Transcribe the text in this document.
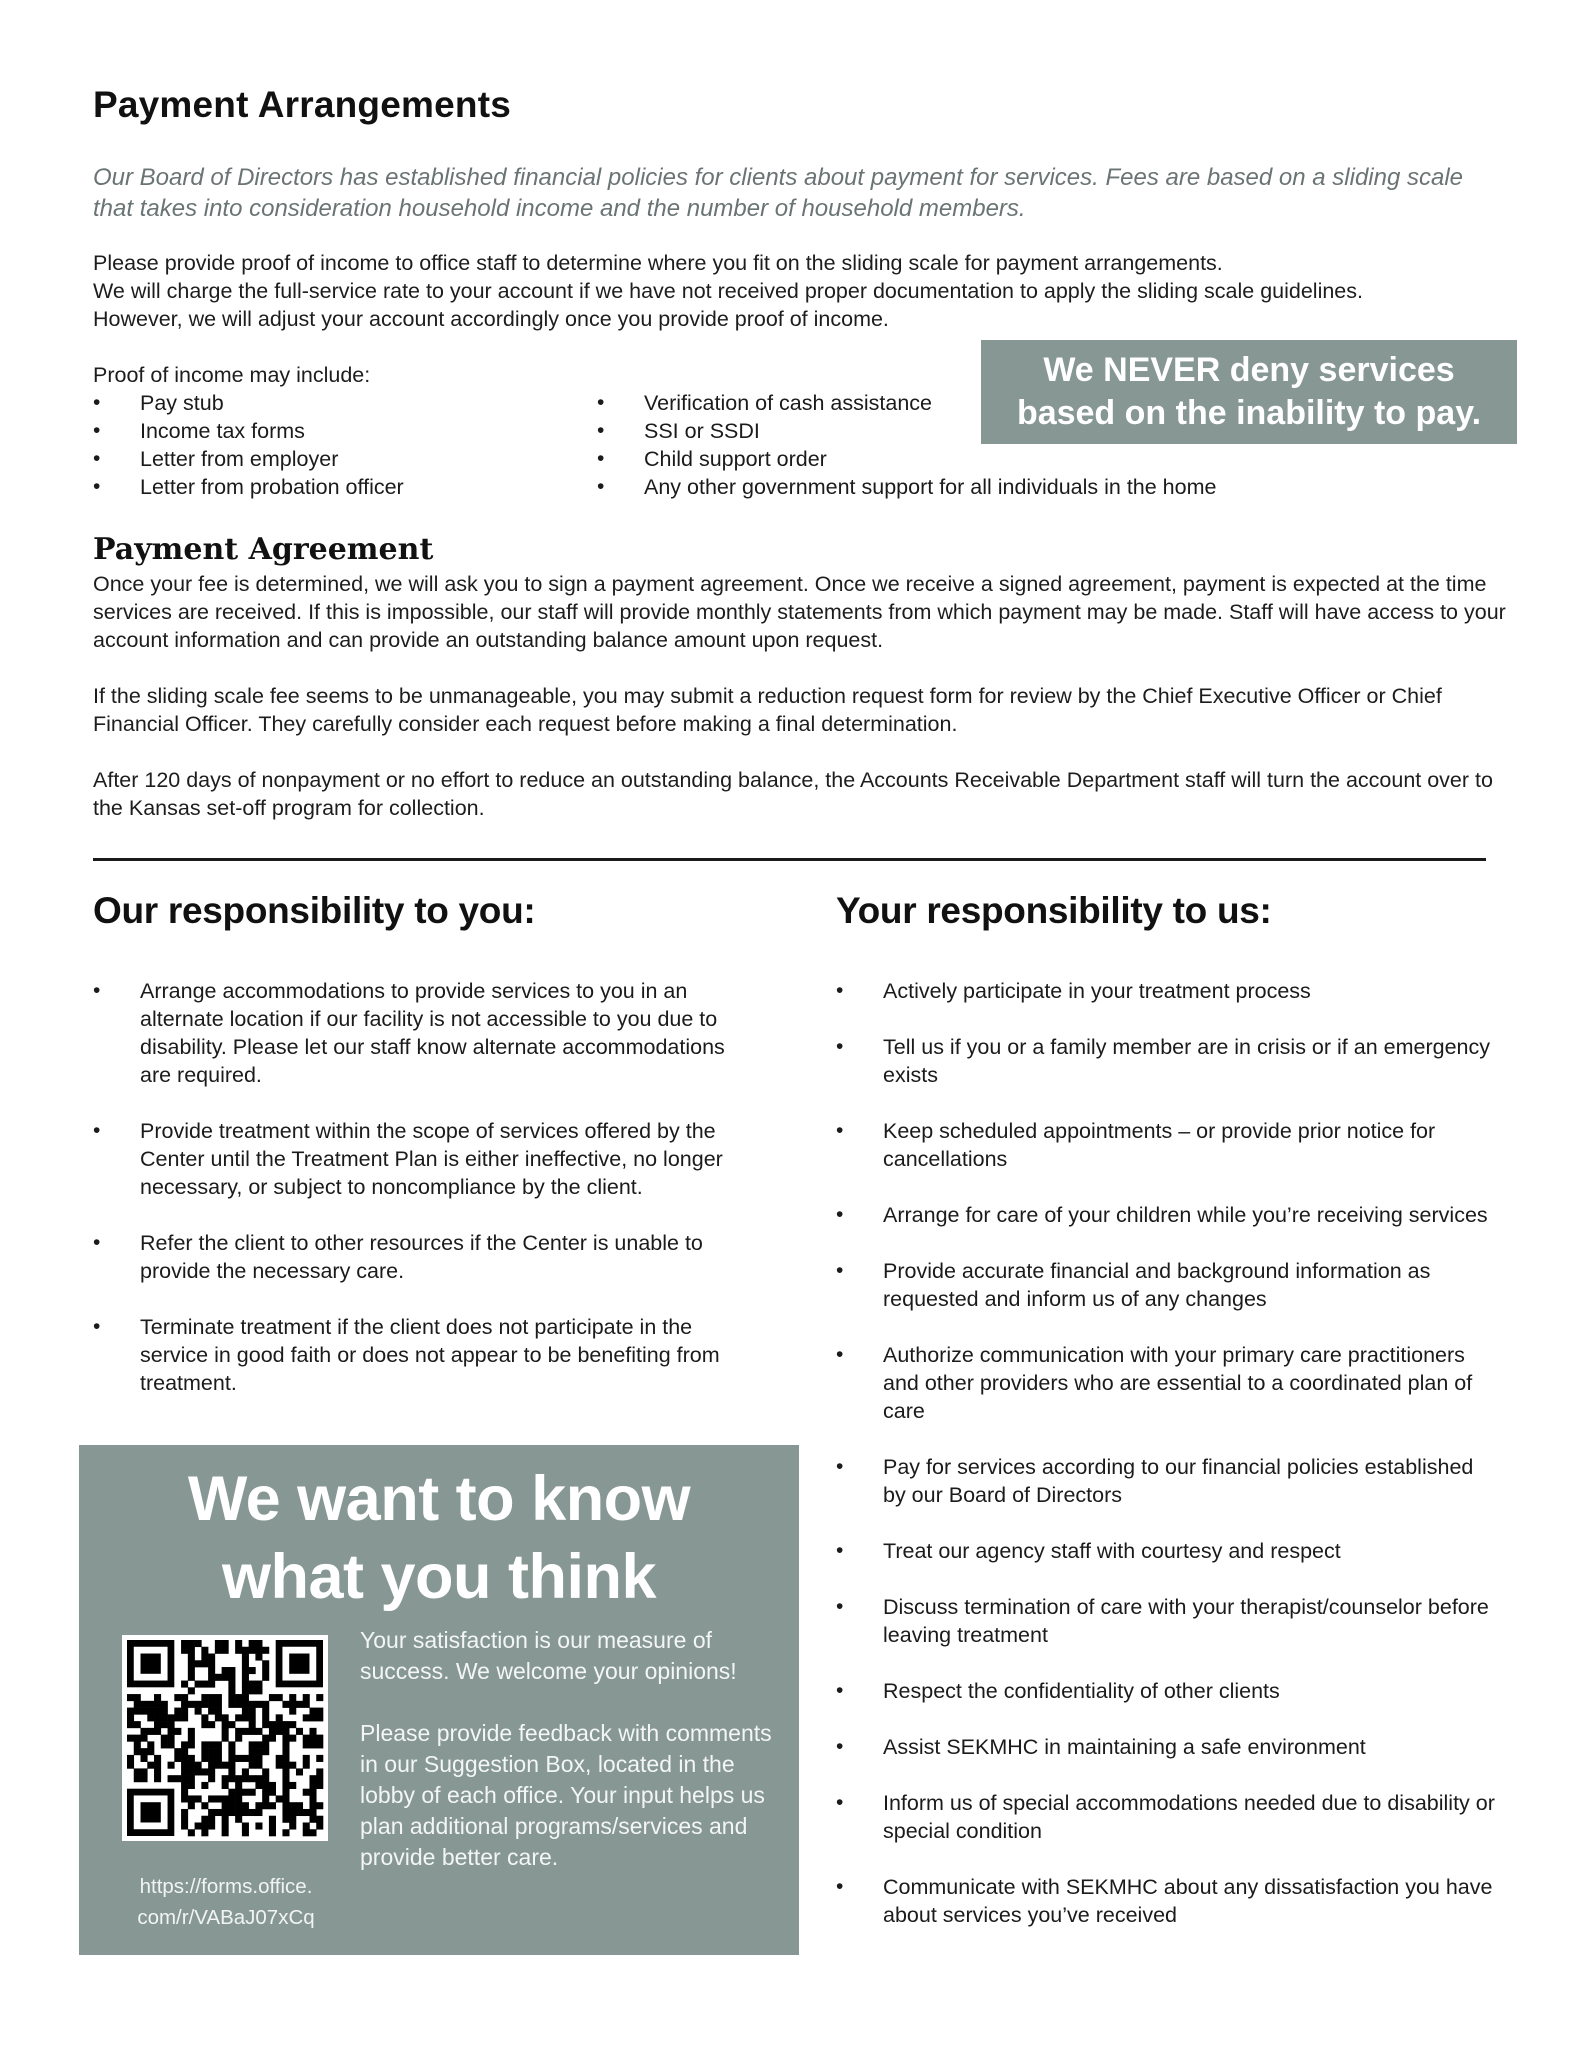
Payment Arrangements
Our Board of Directors has established financial policies for clients about payment for services. Fees are based on a sliding scale that takes into consideration household income and the number of household members.
Please provide proof of income to office staff to determine where you fit on the sliding scale for payment arrangements.
We will charge the full-service rate to your account if we have not received proper documentation to apply the sliding scale guidelines.
However, we will adjust your account accordingly once you provide proof of income.
Proof of income may include:
• Pay stub
• Income tax forms
• Letter from employer
• Letter from probation officer
• Verification of cash assistance
• SSI or SSDI
• Child support order
• Any other government support for all individuals in the home
We NEVER deny services
based on the inability to pay.
Payment Agreement
Once your fee is determined, we will ask you to sign a payment agreement. Once we receive a signed agreement, payment is expected at the time services are received. If this is impossible, our staff will provide monthly statements from which payment may be made. Staff will have access to your account information and can provide an outstanding balance amount upon request.
If the sliding scale fee seems to be unmanageable, you may submit a reduction request form for review by the Chief Executive Officer or Chief Financial Officer. They carefully consider each request before making a final determination.
After 120 days of nonpayment or no effort to reduce an outstanding balance, the Accounts Receivable Department staff will turn the account over to the Kansas set-off program for collection.
Our responsibility to you:	Your responsibility to us:
• Arrange accommodations to provide services to you in an alternate location if our facility is not accessible to you due to disability. Please let our staff know alternate accommodations are required.
• Provide treatment within the scope of services offered by the Center until the Treatment Plan is either ineffective, no longer necessary, or subject to noncompliance by the client.
• Refer the client to other resources if the Center is unable to provide the necessary care.
• Terminate treatment if the client does not participate in the service in good faith or does not appear to be benefiting from treatment.
• Actively participate in your treatment process
• Tell us if you or a family member are in crisis or if an emergency exists
• Keep scheduled appointments – or provide prior notice for cancellations
• Arrange for care of your children while you’re receiving services
• Provide accurate financial and background information as requested and inform us of any changes
• Authorize communication with your primary care practitioners and other providers who are essential to a coordinated plan of care
• Pay for services according to our financial policies established by our Board of Directors
• Treat our agency staff with courtesy and respect
• Discuss termination of care with your therapist/counselor before leaving treatment
• Respect the confidentiality of other clients
• Assist SEKMHC in maintaining a safe environment
• Inform us of special accommodations needed due to disability or special condition
• Communicate with SEKMHC about any dissatisfaction you have about services you’ve received
We want to know
what you think
https://forms.office.
com/r/VABaJ07xCq

Your satisfaction is our measure of success. We welcome your opinions!

Please provide feedback with comments in our Suggestion Box, located in the lobby of each office. Your input helps us plan additional programs/services and provide better care.
